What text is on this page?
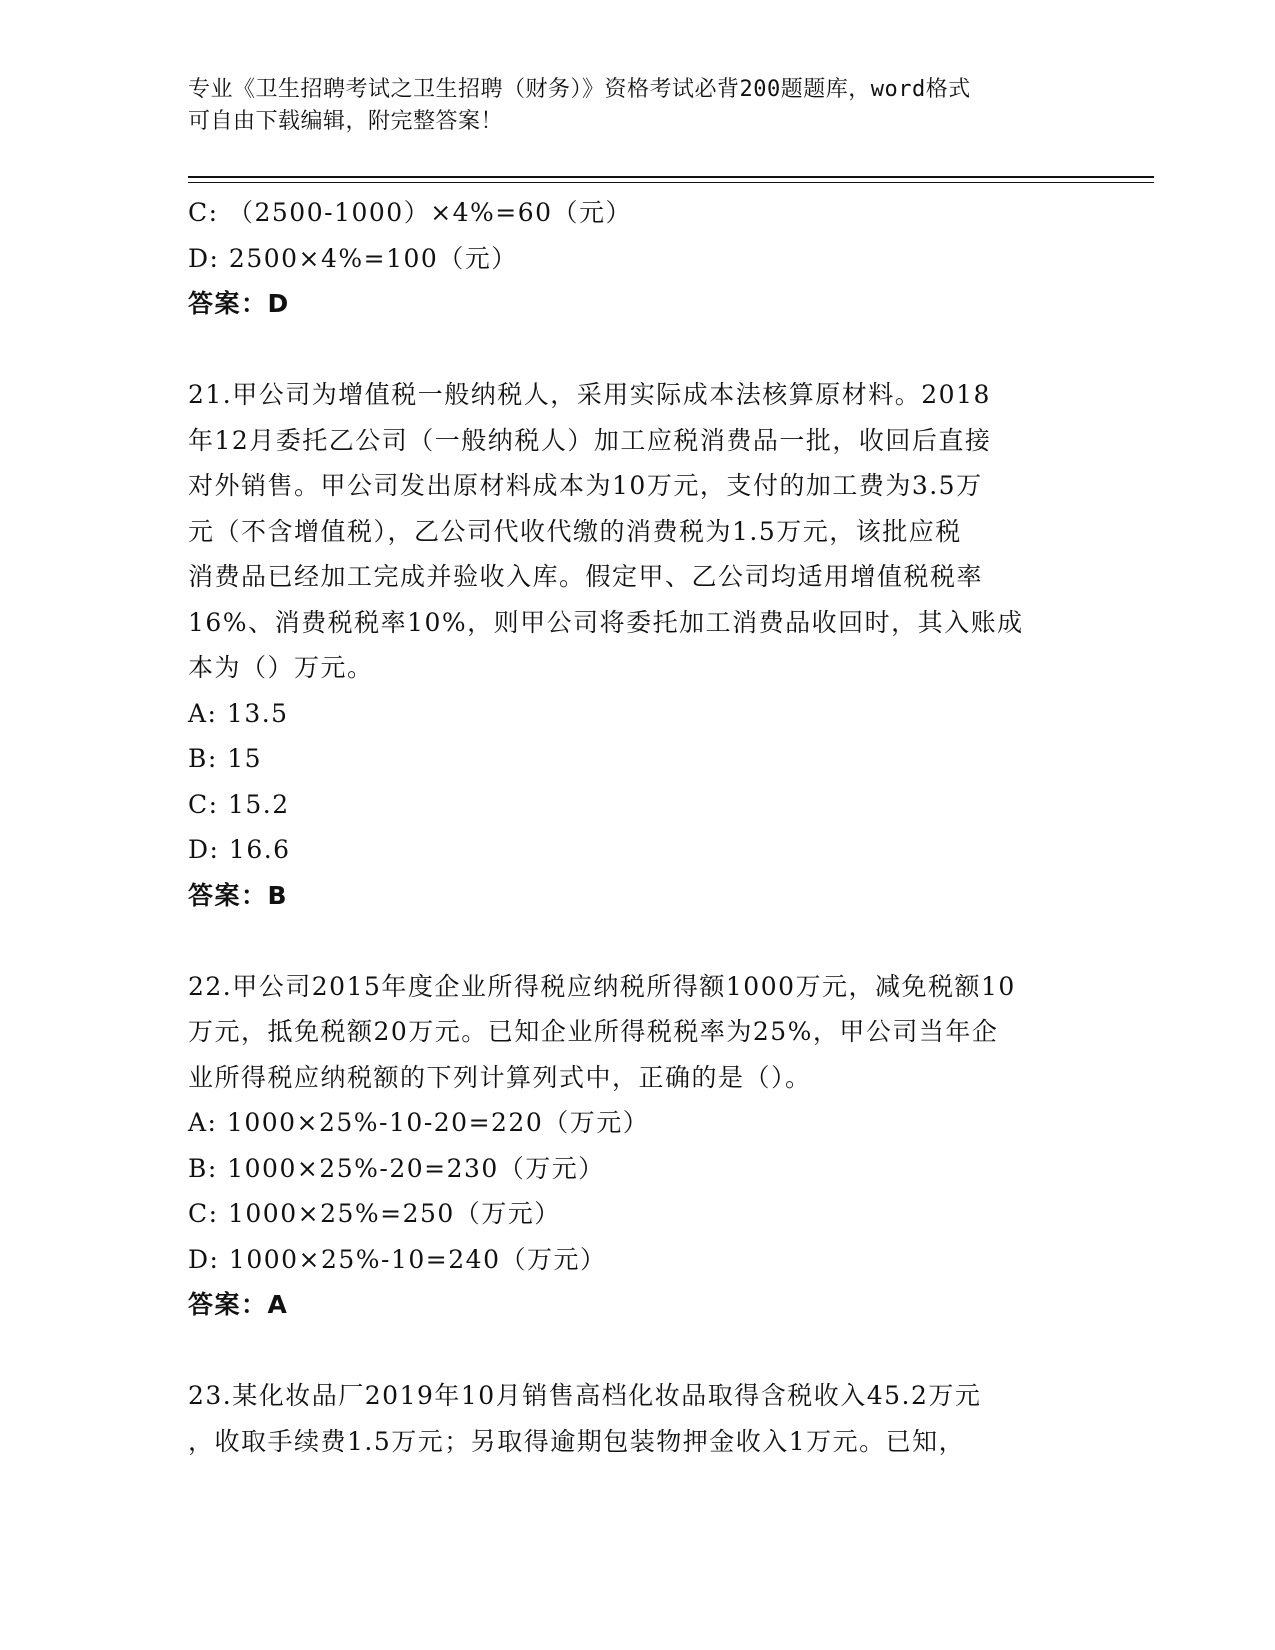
专业《卫生招聘考试之卫生招聘（财务）》资格考试必背200题题库，word格式
可自由下载编辑，附完整答案！
C: （2500-1000）×4%=60（元）
D: 2500×4%=100（元）
答案：D
21.甲公司为增值税一般纳税人，采用实际成本法核算原材料。2018
年12月委托乙公司（一般纳税人）加工应税消费品一批，收回后直接
对外销售。甲公司发出原材料成本为10万元，支付的加工费为3.5万
元（不含增值税），乙公司代收代缴的消费税为1.5万元，该批应税
消费品已经加工完成并验收入库。假定甲、乙公司均适用增值税税率
16%、消费税税率10%，则甲公司将委托加工消费品收回时，其入账成
本为（）万元。
A: 13.5
B: 15
C: 15.2
D: 16.6
答案：B
22.甲公司2015年度企业所得税应纳税所得额1000万元，减免税额10
万元，抵免税额20万元。已知企业所得税税率为25%，甲公司当年企
业所得税应纳税额的下列计算列式中，正确的是（）。
A: 1000×25%-10-20=220（万元）
B: 1000×25%-20=230（万元）
C: 1000×25%=250（万元）
D: 1000×25%-10=240（万元）
答案：A
23.某化妆品厂2019年10月销售高档化妆品取得含税收入45.2万元
，收取手续费1.5万元；另取得逾期包装物押金收入1万元。已知，
